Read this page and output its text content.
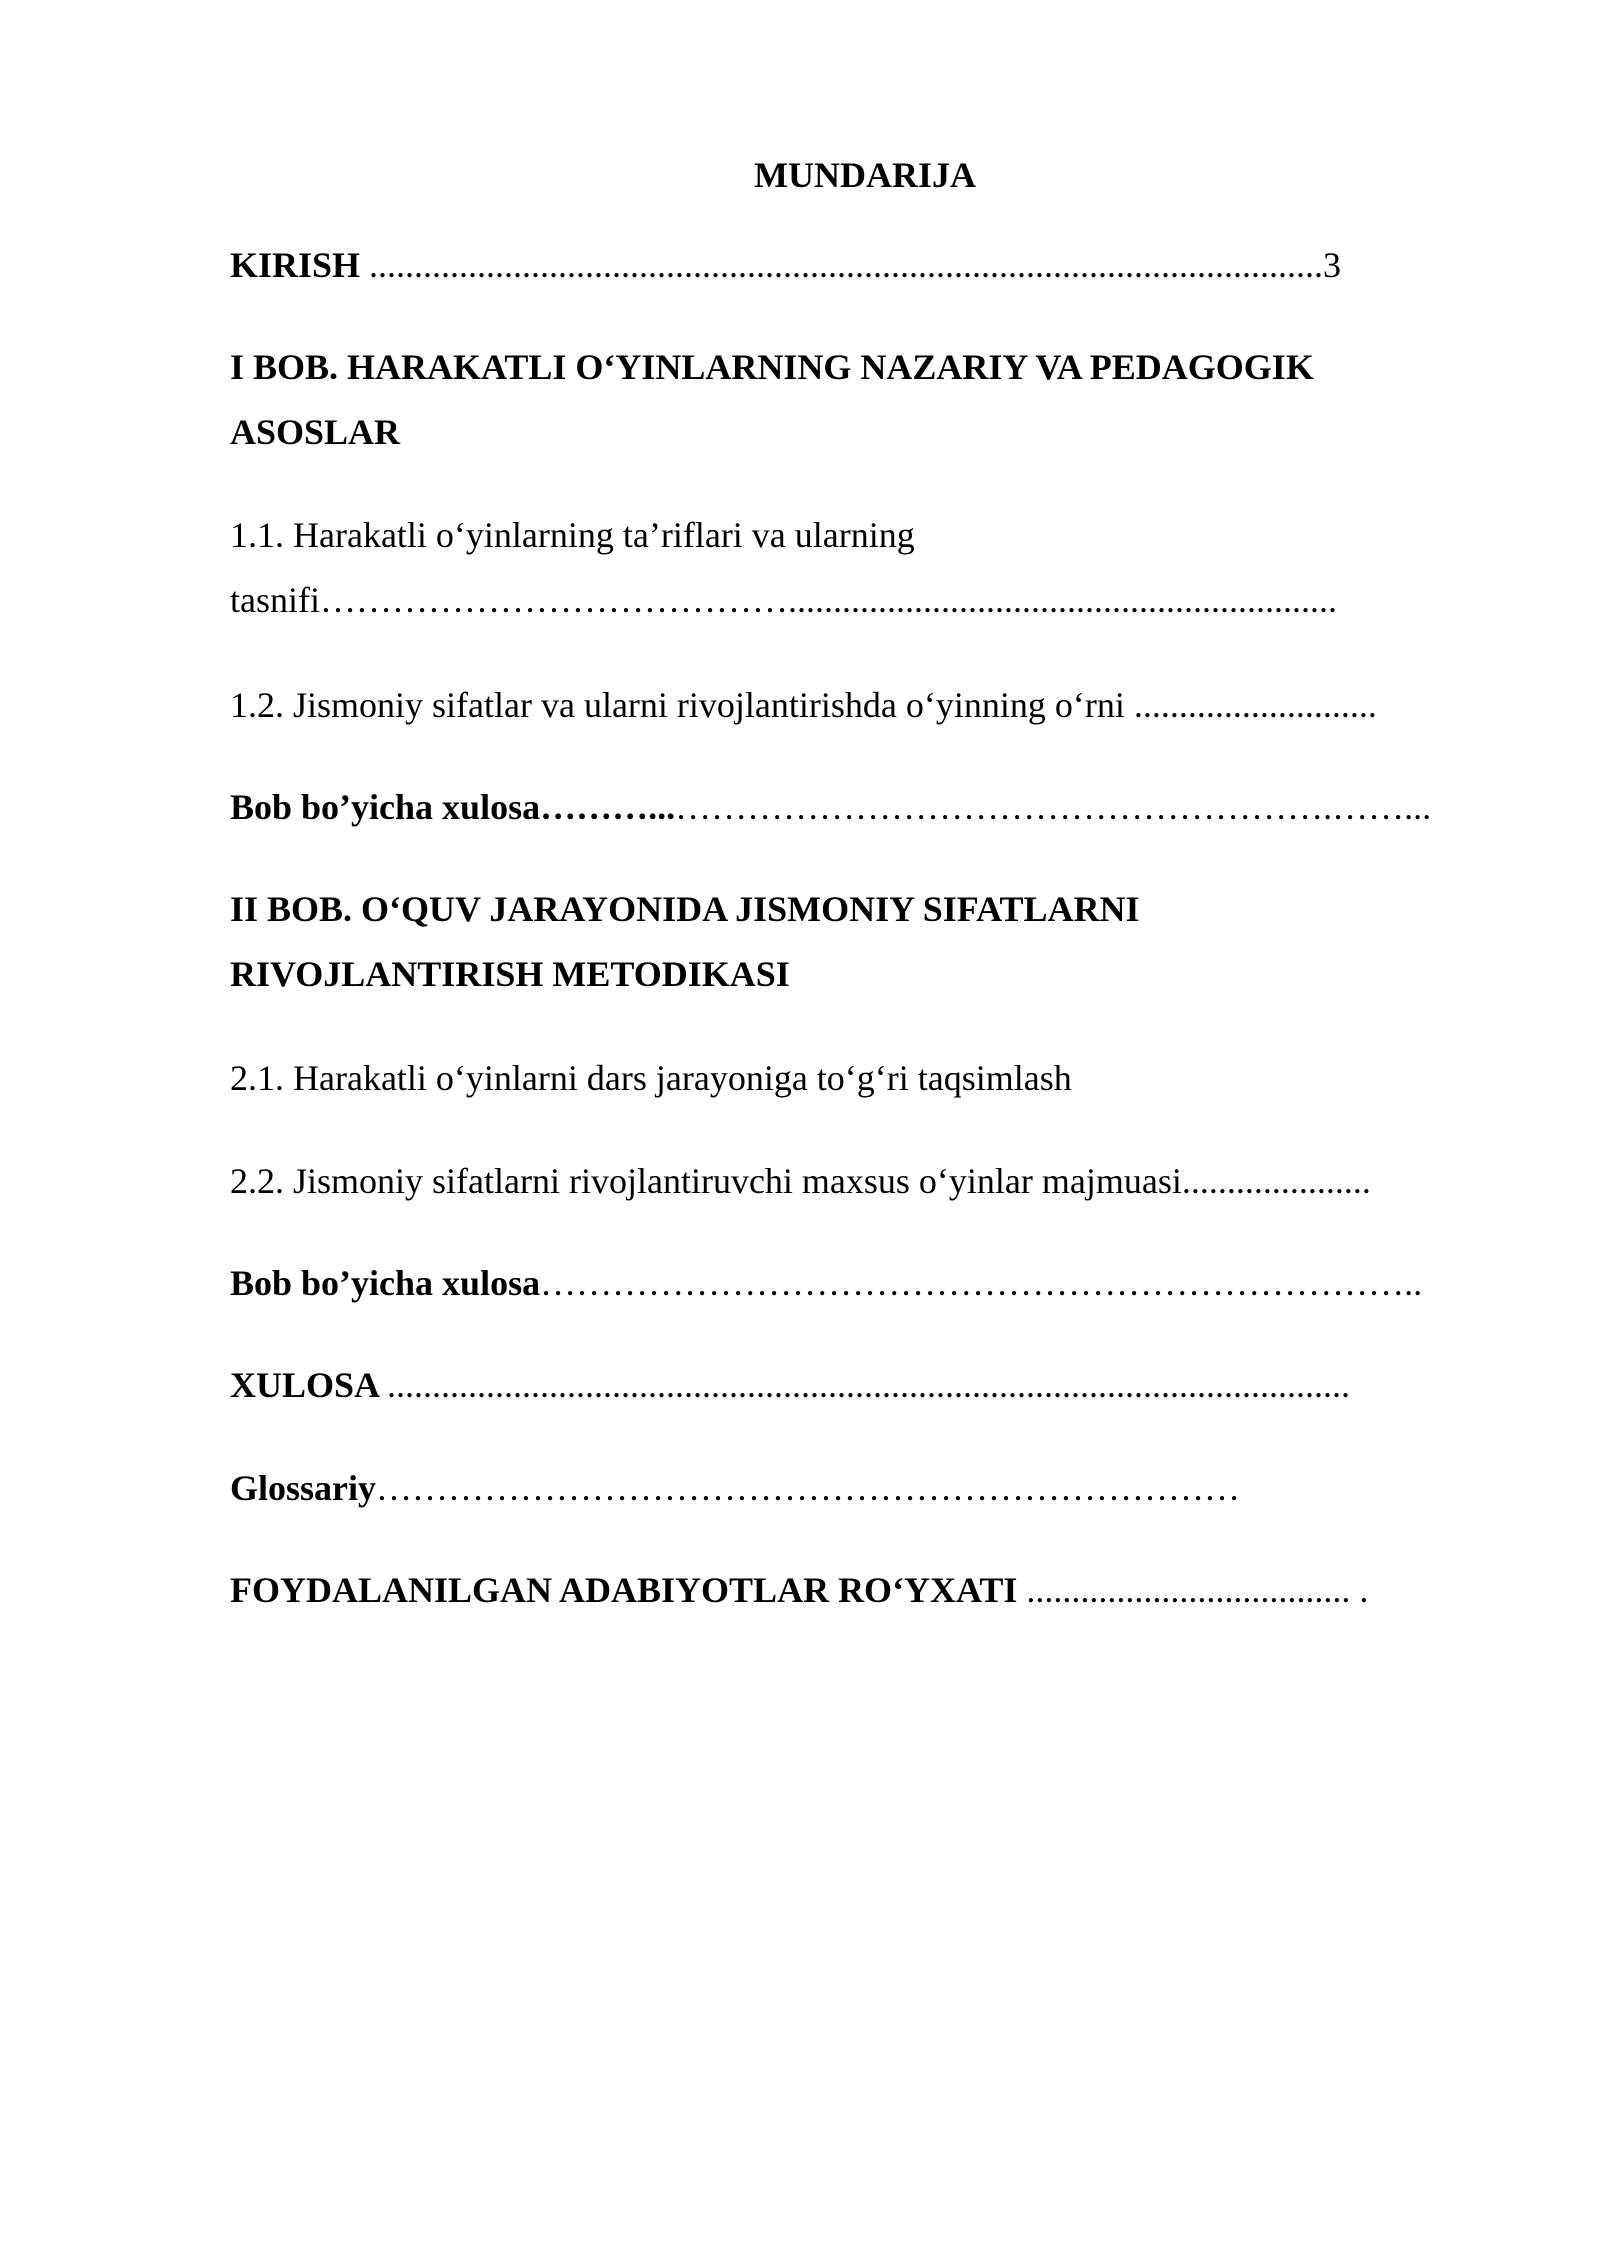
MUNDARIJA
KIRISH ..........................................................................................................3
I BOB. HARAKATLI O‘YINLARNING NAZARIY VA PEDAGOGIK
ASOSLAR
1.1. Harakatli o‘yinlarning ta’riflari va ularning
tasnifi………………………………….............................................................
1.2. Jismoniy sifatlar va ularni rivojlantirishda o‘yinning o‘rni ...........................
Bob bo’yicha xulosa………...……………………………………………….……...
II BOB. O‘QUV JARAYONIDA JISMONIY SIFATLARNI
RIVOJLANTIRISH METODIKASI
2.1. Harakatli o‘yinlarni dars jarayoniga to‘g‘ri taqsimlash
2.2. Jismoniy sifatlarni rivojlantiruvchi maxsus o‘yinlar majmuasi.....................
Bob bo’yicha xulosa………………………………………………………………..
XULOSA ...........................................................................................................
Glossariy………………………………………………………………
FOYDALANILGAN ADABIYOTLAR RO‘YXATI .................................... .
